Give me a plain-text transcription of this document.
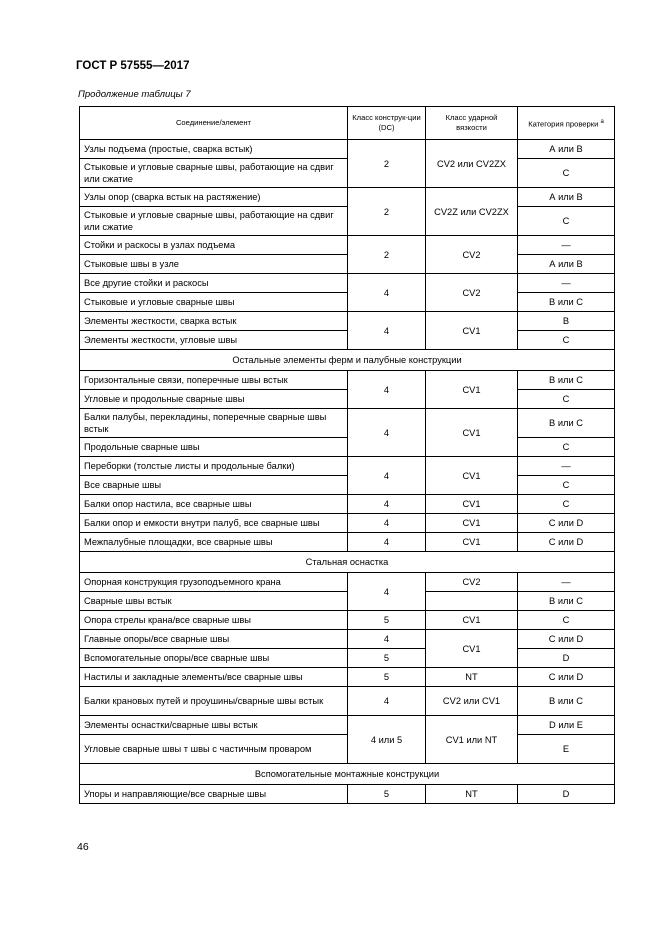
ГОСТ Р 57555—2017
Продолжение таблицы 7
Соединение/элемент	Класс конструк-ции (DC)	Класс ударной вязкости	Категория проверки $^а$
Узлы подъема (простые, сварка встык)	2	CV2 или CV2ZX	А или В
Стыковые и угловые сварные швы, работающие на сдвиг или сжатие			С
Узлы опор (сварка встык на растяжение)	2	CV2Z или CV2ZX	А или В
Стыковые и угловые сварные швы, работающие на сдвиг или сжатие			С
Стойки и раскосы в узлах подъема	2	CV2	—
Стыковые швы в узле			А или В
Все другие стойки и раскосы	4	CV2	—
Стыковые и угловые сварные швы			В или С
Элементы жесткости, сварка встык	4	CV1	В
Элементы жесткости, угловые швы			С
Остальные элементы ферм и палубные конструкции			
Горизонтальные связи, поперечные швы встык	4	CV1	В или С
Угловые и продольные сварные швы			С
Балки палубы, перекладины, поперечные сварные швы встык	4	CV1	В или С
Продольные сварные швы			С
Переборки (толстые листы и продольные балки)	4	CV1	—
Все сварные швы			С
Балки опор настила, все сварные швы	4	CV1	С
Балки опор и емкости внутри палуб, все сварные швы	4	CV1	С или D
Межпалубные площадки, все сварные швы	4	CV1	С или D
Стальная оснастка			
Опорная конструкция грузоподъемного крана	4	CV2	—
Сварные швы встык			В или С
Опора стрелы крана/все сварные швы	5	CV1	С
Главные опоры/все сварные швы	4	CV1	С или D
Вспомогательные опоры/все сварные швы	5		D
Настилы и закладные элементы/все сварные швы	5	NT	С или D
Балки крановых путей и проушины/сварные швы встык	4	CV2 или CV1	В или С
Элементы оснастки/сварные швы встык	4 или 5	CV1 или NT	D или Е
Угловые сварные швы т швы с частичным проваром			Е
Вспомогательные монтажные конструкции			
Упоры и направляющие/все сварные швы	5	NT	D
46
